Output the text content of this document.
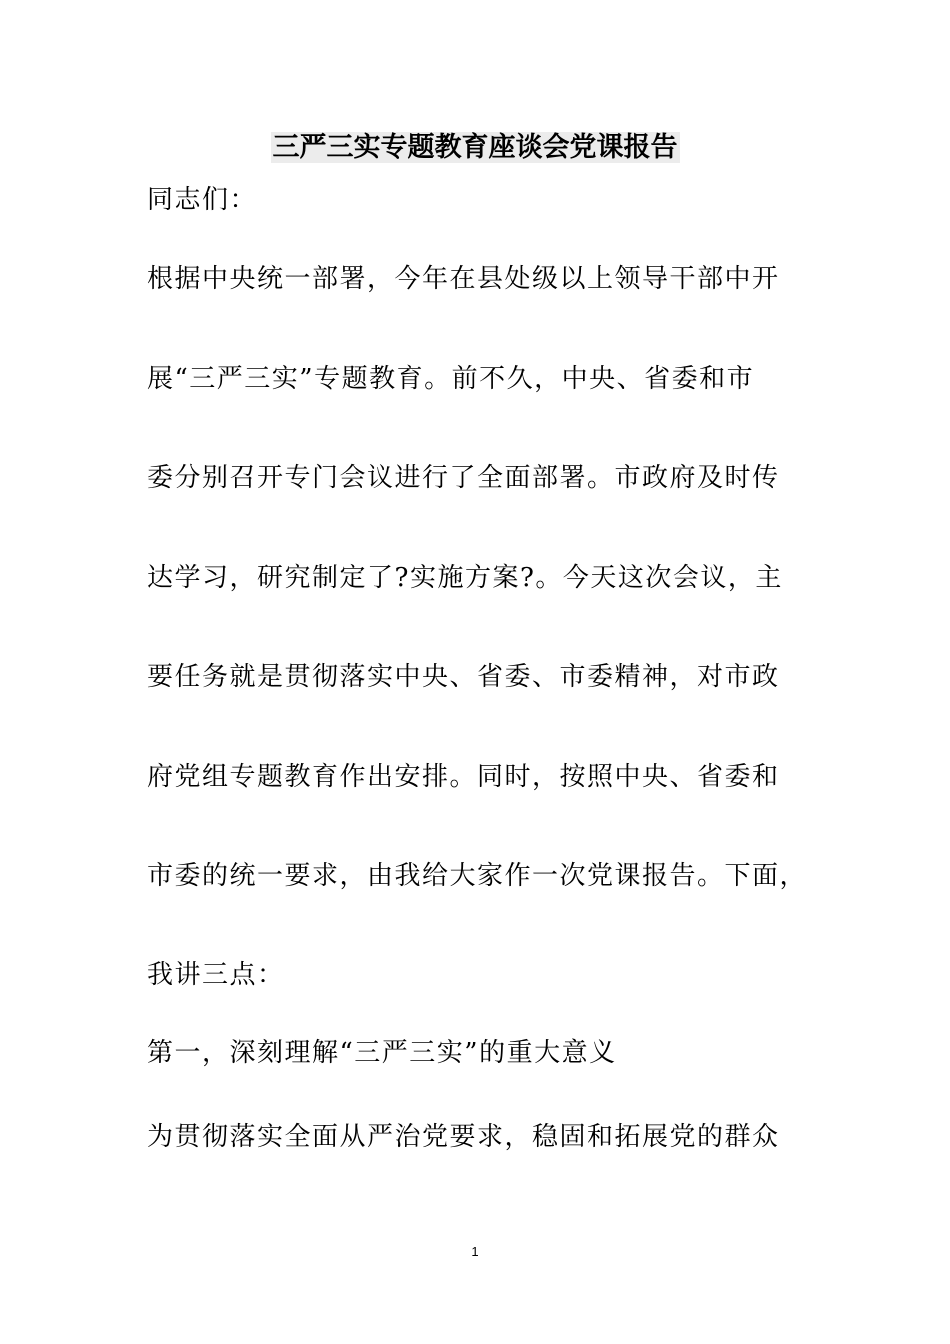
三严三实专题教育座谈会党课报告

同志们：

根据中央统一部署，今年在县处级以上领导干部中开

展“三严三实”专题教育。前不久，中央、省委和市

委分别召开专门会议进行了全面部署。市政府及时传

达学习，研究制定了?实施方案?。今天这次会议，主

要任务就是贯彻落实中央、省委、市委精神，对市政

府党组专题教育作出安排。同时，按照中央、省委和

市委的统一要求，由我给大家作一次党课报告。下面，

我讲三点：

第一，深刻理解“三严三实”的重大意义

为贯彻落实全面从严治党要求，稳固和拓展党的群众

1
